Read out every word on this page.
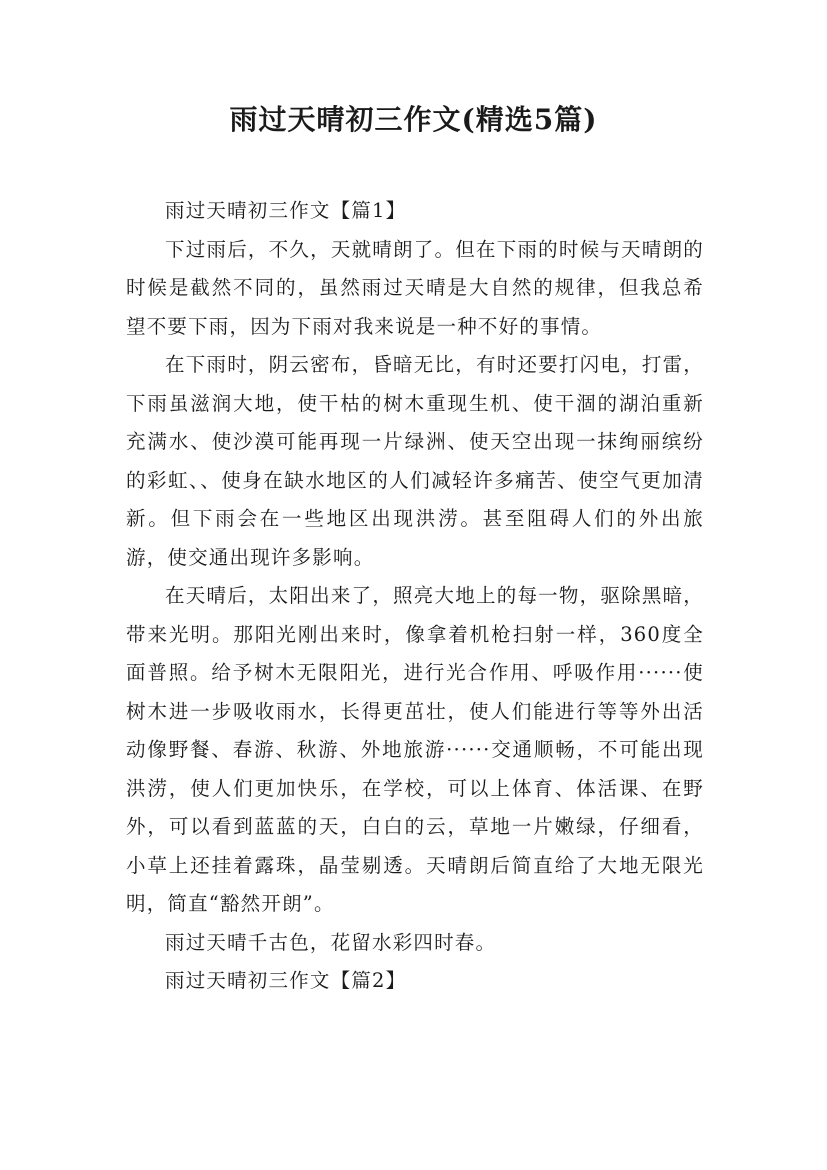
雨过天晴初三作文(精选5篇)

雨过天晴初三作文【篇1】

下过雨后，不久，天就晴朗了。但在下雨的时候与天晴朗的时候是截然不同的，虽然雨过天晴是大自然的规律，但我总希望不要下雨，因为下雨对我来说是一种不好的事情。

在下雨时，阴云密布，昏暗无比，有时还要打闪电，打雷，下雨虽滋润大地，使干枯的树木重现生机、使干涸的湖泊重新充满水、使沙漠可能再现一片绿洲、使天空出现一抹绚丽缤纷的彩虹、、使身在缺水地区的人们减轻许多痛苦、使空气更加清新。但下雨会在一些地区出现洪涝。甚至阻碍人们的外出旅游，使交通出现许多影响。

在天晴后，太阳出来了，照亮大地上的每一物，驱除黑暗，带来光明。那阳光刚出来时，像拿着机枪扫射一样，360度全面普照。给予树木无限阳光，进行光合作用、呼吸作用······使树木进一步吸收雨水，长得更茁壮，使人们能进行等等外出活动像野餐、春游、秋游、外地旅游······交通顺畅，不可能出现洪涝，使人们更加快乐，在学校，可以上体育、体活课、在野外，可以看到蓝蓝的天，白白的云，草地一片嫩绿，仔细看，小草上还挂着露珠，晶莹剔透。天晴朗后简直给了大地无限光明，简直“豁然开朗”。

雨过天晴千古色，花留水彩四时春。

雨过天晴初三作文【篇2】
